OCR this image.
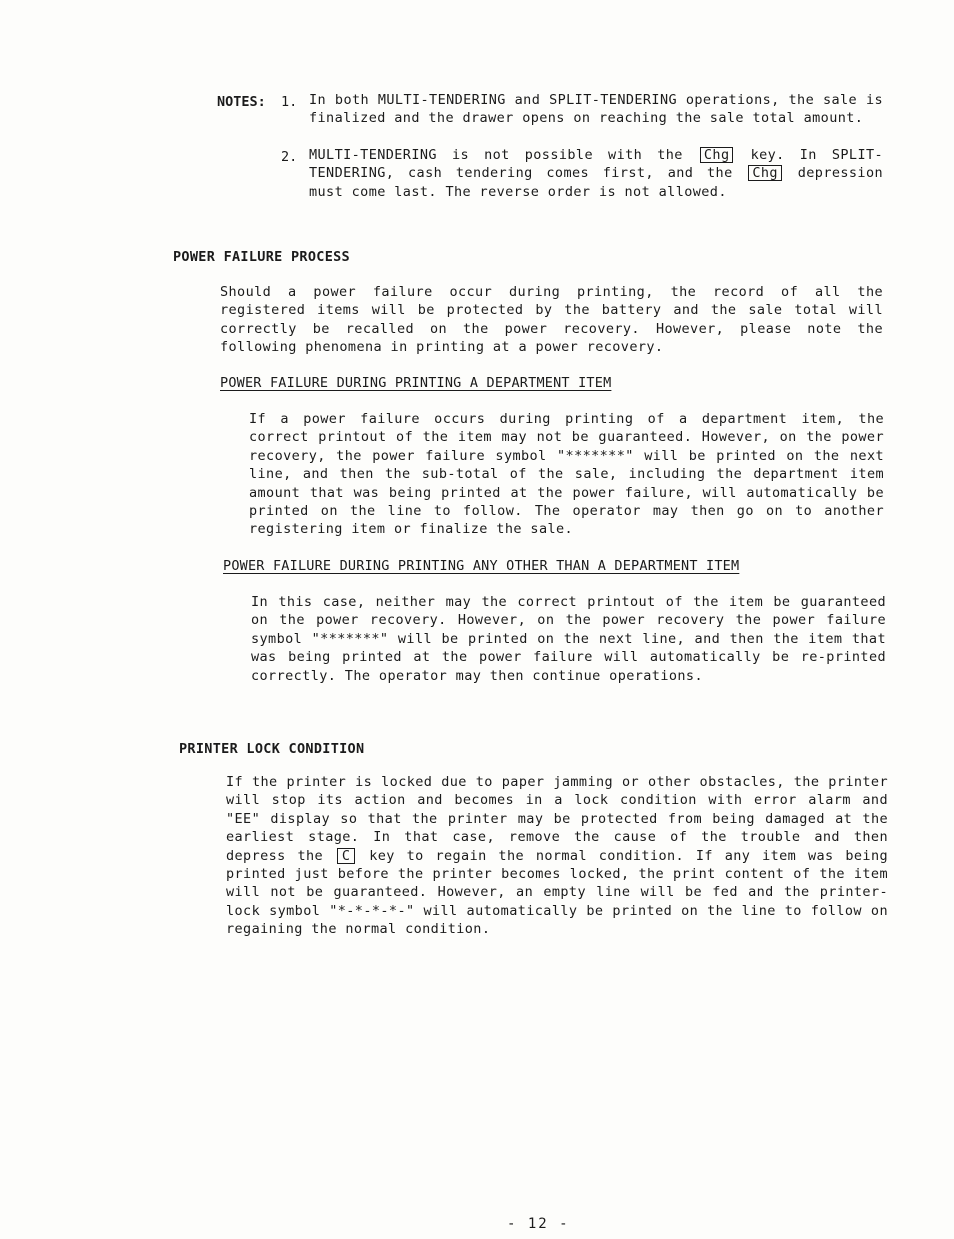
NOTES: 1. In both MULTI-TENDERING and SPLIT-TENDERING operations, the sale is finalized and the drawer opens on reaching the sale total amount.

2. MULTI-TENDERING is not possible with the Chg key. In SPLIT-TENDERING, cash tendering comes first, and the Chg depression must come last. The reverse order is not allowed.

POWER FAILURE PROCESS

Should a power failure occur during printing, the record of all the registered items will be protected by the battery and the sale total will correctly be recalled on the power recovery. However, please note the following phenomena in printing at a power recovery.

POWER FAILURE DURING PRINTING A DEPARTMENT ITEM

If a power failure occurs during printing of a department item, the correct printout of the item may not be guaranteed. However, on the power recovery, the power failure symbol "*******" will be printed on the next line, and then the sub-total of the sale, including the department item amount that was being printed at the power failure, will automatically be printed on the line to follow. The operator may then go on to another registering item or finalize the sale.

POWER FAILURE DURING PRINTING ANY OTHER THAN A DEPARTMENT ITEM

In this case, neither may the correct printout of the item be guaranteed on the power recovery. However, on the power recovery the power failure symbol "*******" will be printed on the next line, and then the item that was being printed at the power failure will automatically be re-printed correctly. The operator may then continue operations.

PRINTER LOCK CONDITION

If the printer is locked due to paper jamming or other obstacles, the printer will stop its action and becomes in a lock condition with error alarm and "EE" display so that the printer may be protected from being damaged at the earliest stage. In that case, remove the cause of the trouble and then depress the C key to regain the normal condition. If any item was being printed just before the printer becomes locked, the print content of the item will not be guaranteed. However, an empty line will be fed and the printer-lock symbol "*-*-*-*-" will automatically be printed on the line to follow on regaining the normal condition.

- 12 -
